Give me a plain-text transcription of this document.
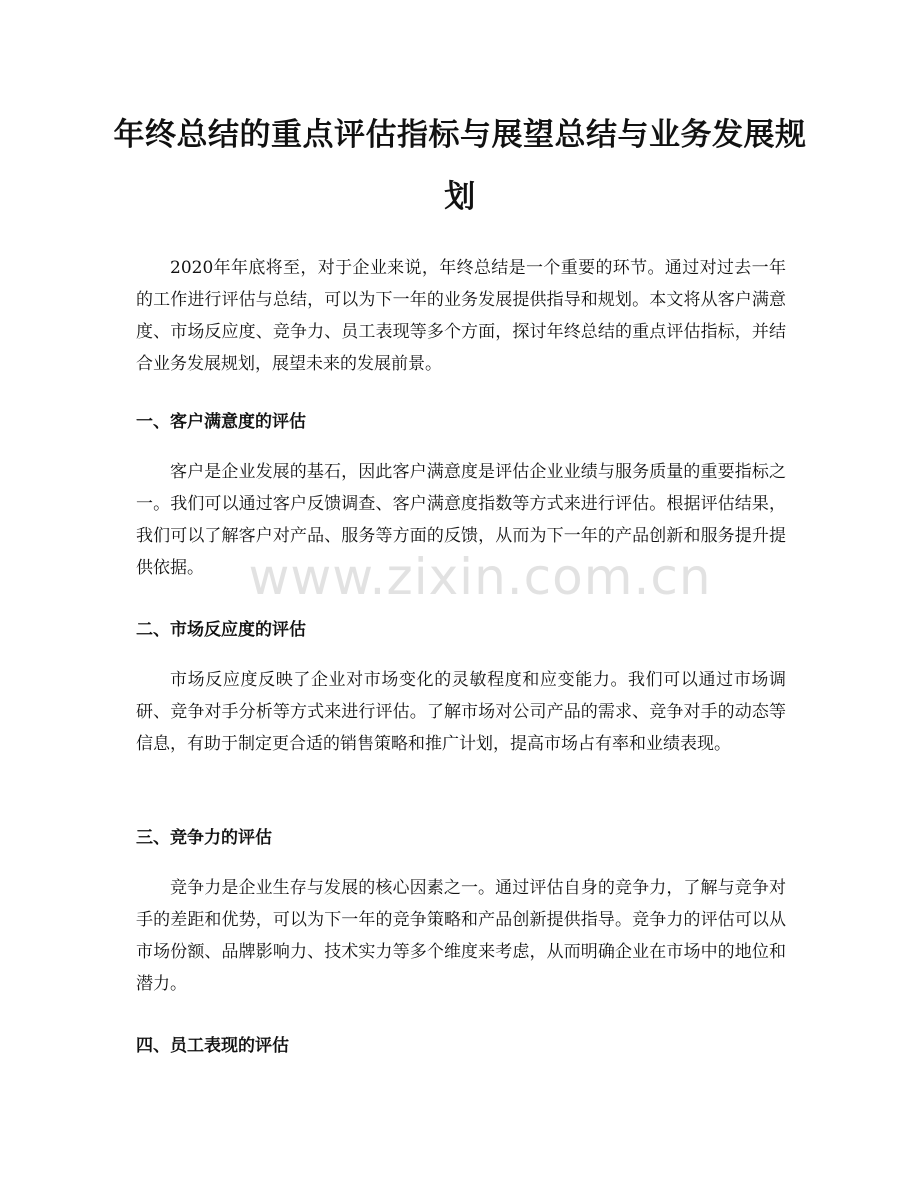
年终总结的重点评估指标与展望总结与业务发展规划

2020年年底将至，对于企业来说，年终总结是一个重要的环节。通过对过去一年的工作进行评估与总结，可以为下一年的业务发展提供指导和规划。本文将从客户满意度、市场反应度、竞争力、员工表现等多个方面，探讨年终总结的重点评估指标，并结合业务发展规划，展望未来的发展前景。

一、客户满意度的评估

客户是企业发展的基石，因此客户满意度是评估企业业绩与服务质量的重要指标之一。我们可以通过客户反馈调查、客户满意度指数等方式来进行评估。根据评估结果，我们可以了解客户对产品、服务等方面的反馈，从而为下一年的产品创新和服务提升提供依据。

二、市场反应度的评估

市场反应度反映了企业对市场变化的灵敏程度和应变能力。我们可以通过市场调研、竞争对手分析等方式来进行评估。了解市场对公司产品的需求、竞争对手的动态等信息，有助于制定更合适的销售策略和推广计划，提高市场占有率和业绩表现。

三、竞争力的评估

竞争力是企业生存与发展的核心因素之一。通过评估自身的竞争力，了解与竞争对手的差距和优势，可以为下一年的竞争策略和产品创新提供指导。竞争力的评估可以从市场份额、品牌影响力、技术实力等多个维度来考虑，从而明确企业在市场中的地位和潜力。

四、员工表现的评估
www.zixin.com.cn
